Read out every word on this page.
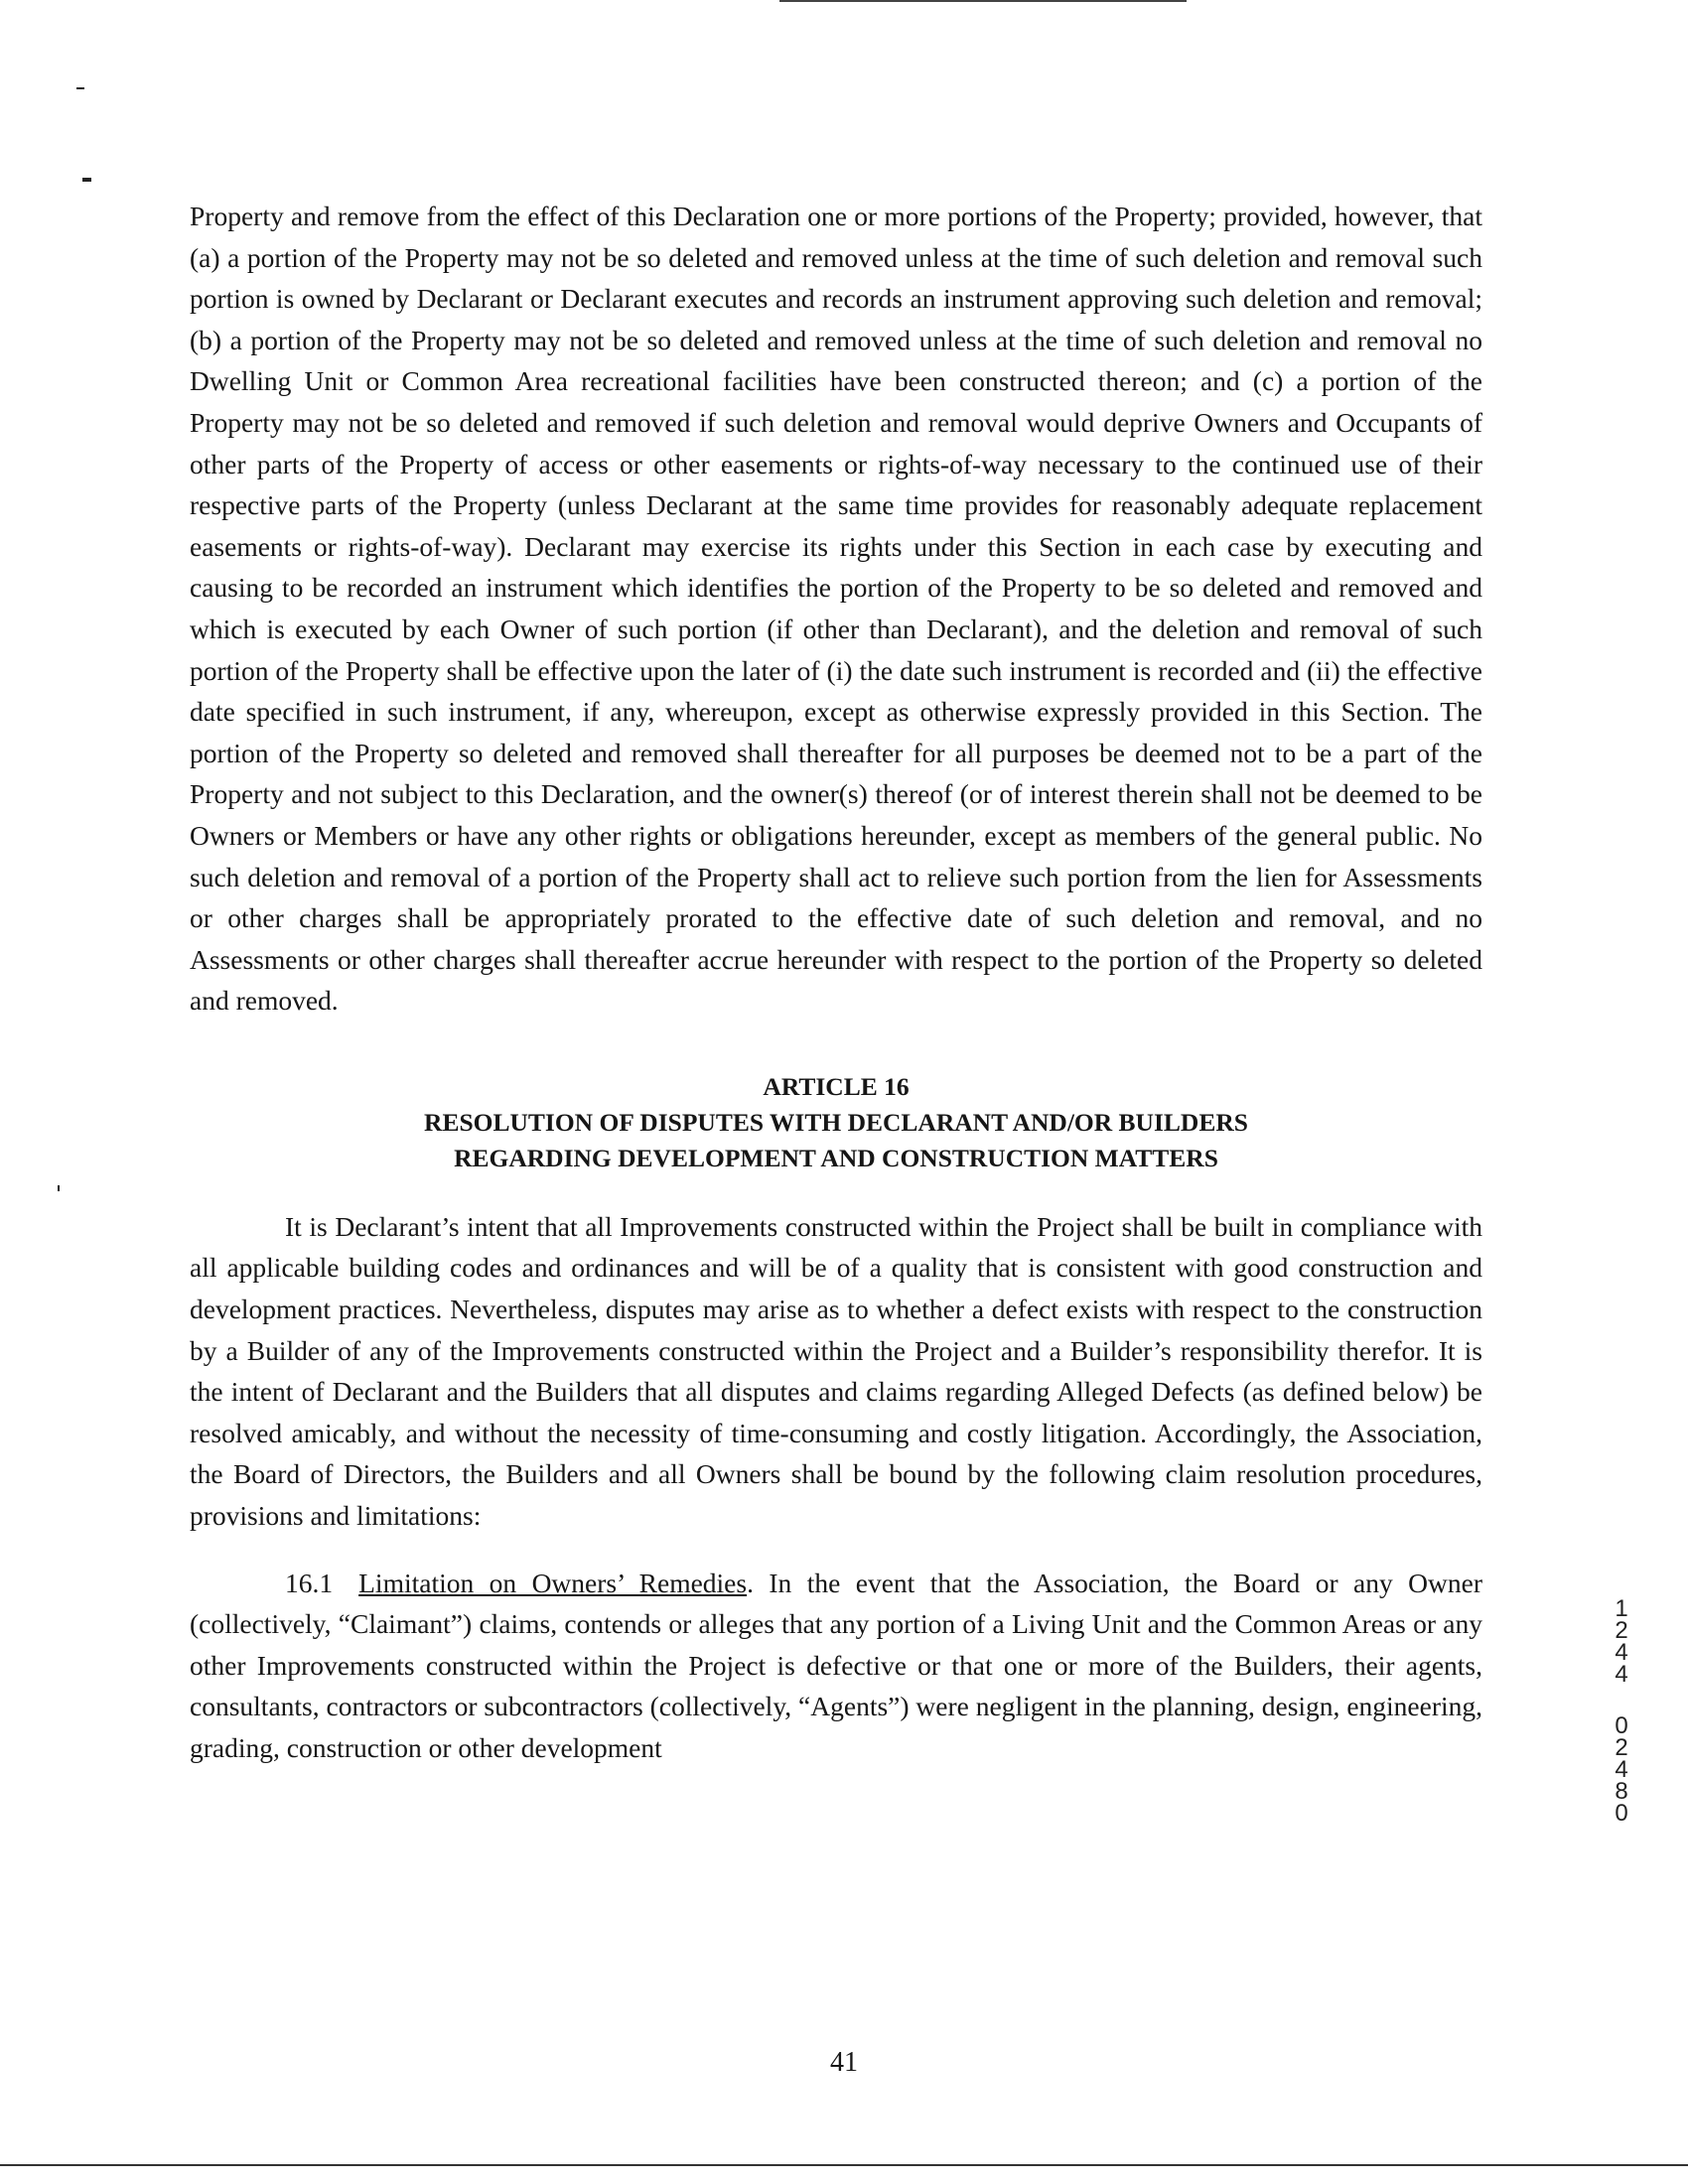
Property and remove from the effect of this Declaration one or more portions of the Property; provided, however, that (a) a portion of the Property may not be so deleted and removed unless at the time of such deletion and removal such portion is owned by Declarant or Declarant executes and records an instrument approving such deletion and removal; (b) a portion of the Property may not be so deleted and removed unless at the time of such deletion and removal no Dwelling Unit or Common Area recreational facilities have been constructed thereon; and (c) a portion of the Property may not be so deleted and removed if such deletion and removal would deprive Owners and Occupants of other parts of the Property of access or other easements or rights-of-way necessary to the continued use of their respective parts of the Property (unless Declarant at the same time provides for reasonably adequate replacement easements or rights-of-way). Declarant may exercise its rights under this Section in each case by executing and causing to be recorded an instrument which identifies the portion of the Property to be so deleted and removed and which is executed by each Owner of such portion (if other than Declarant), and the deletion and removal of such portion of the Property shall be effective upon the later of (i) the date such instrument is recorded and (ii) the effective date specified in such instrument, if any, whereupon, except as otherwise expressly provided in this Section. The portion of the Property so deleted and removed shall thereafter for all purposes be deemed not to be a part of the Property and not subject to this Declaration, and the owner(s) thereof (or of interest therein shall not be deemed to be Owners or Members or have any other rights or obligations hereunder, except as members of the general public. No such deletion and removal of a portion of the Property shall act to relieve such portion from the lien for Assessments or other charges shall be appropriately prorated to the effective date of such deletion and removal, and no Assessments or other charges shall thereafter accrue hereunder with respect to the portion of the Property so deleted and removed.

ARTICLE 16
RESOLUTION OF DISPUTES WITH DECLARANT AND/OR BUILDERS
REGARDING DEVELOPMENT AND CONSTRUCTION MATTERS

It is Declarant’s intent that all Improvements constructed within the Project shall be built in compliance with all applicable building codes and ordinances and will be of a quality that is consistent with good construction and development practices. Nevertheless, disputes may arise as to whether a defect exists with respect to the construction by a Builder of any of the Improvements constructed within the Project and a Builder’s responsibility therefor. It is the intent of Declarant and the Builders that all disputes and claims regarding Alleged Defects (as defined below) be resolved amicably, and without the necessity of time-consuming and costly litigation. Accordingly, the Association, the Board of Directors, the Builders and all Owners shall be bound by the following claim resolution procedures, provisions and limitations:

16.1 Limitation on Owners’ Remedies. In the event that the Association, the Board or any Owner (collectively, “Claimant”) claims, contends or alleges that any portion of a Living Unit and the Common Areas or any other Improvements constructed within the Project is defective or that one or more of the Builders, their agents, consultants, contractors or subcontractors (collectively, “Agents”) were negligent in the planning, design, engineering, grading, construction or other development

1
2
4
4
0
2
4
8
0
41
